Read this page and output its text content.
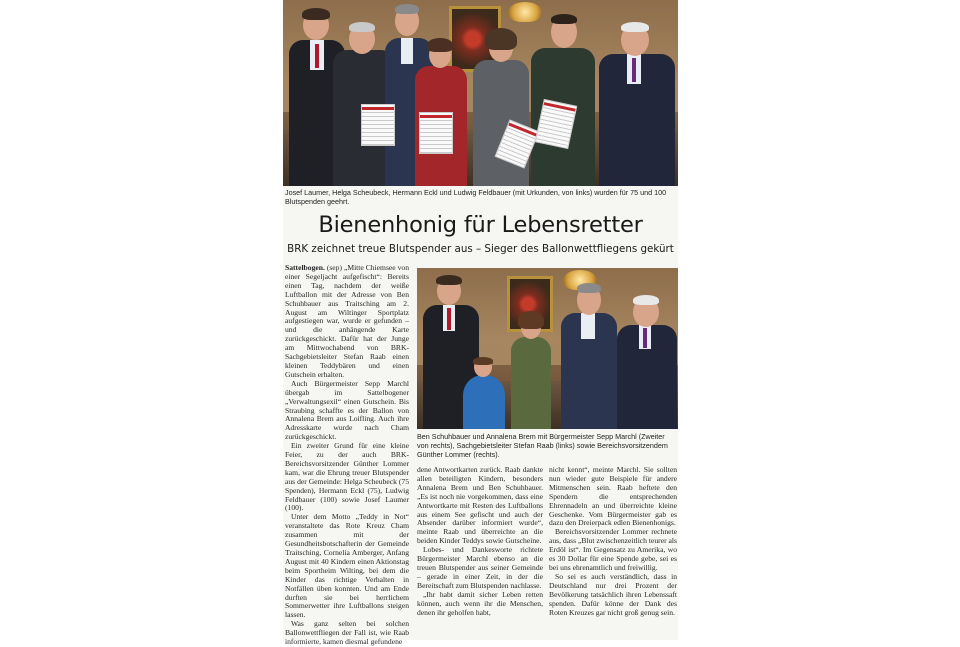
Josef Laumer, Helga Scheubeck, Hermann Eckl und Ludwig Feldbauer (mit Urkunden, von links) wurden für 75 und 100 Blutspenden geehrt.
Bienenhonig für Lebensretter
BRK zeichnet treue Blutspender aus – Sieger des Ballonwettfliegens gekürt

Sattelbogen. (sep) „Mitte Chiemsee von einer Segeljacht aufgefischt“: Bereits einen Tag, nachdem der weiße Luftballon mit der Adresse von Ben Schuhbauer aus Traitsching am 2. August am Wiltinger Sportplatz aufgestiegen war, wurde er gefunden – und die anhängende Karte zurückgeschickt. Dafür hat der Junge am Mittwochabend von BRK-Sachgebietsleiter Stefan Raab einen kleinen Teddybären und einen Gutschein erhalten.

Auch Bürgermeister Sepp Marchl übergab im Sattelbogener „Verwaltungsexil“ einen Gutschein. Bis Straubing schaffte es der Ballon von Annalena Brem aus Loifling. Auch ihre Adresskarte wurde nach Cham zurückgeschickt.

Ein zweiter Grund für eine kleine Feier, zu der auch BRK-Bereichsvorsitzender Günther Lommer kam, war die Ehrung treuer Blutspender aus der Gemeinde: Helga Scheubeck (75 Spenden), Hermann Eckl (75), Ludwig Feldbauer (100) sowie Josef Laumer (100).

Unter dem Motto „Teddy in Not“ veranstaltete das Rote Kreuz Cham zusammen mit der Gesundheitsbotschafterin der Gemeinde Traitsching, Cornelia Amberger, Anfang August mit 40 Kindern einen Aktionstag beim Sportheim Wilting, bei dem die Kinder das richtige Verhalten in Notfällen üben konnten. Und am Ende durften sie bei herrlichem Sommerwetter ihre Luftballons steigen lassen.

Was ganz selten bei solchen Ballonwettfliegen der Fall ist, wie Raab informierte, kamen diesmal gefundene

Ben Schuhbauer und Annalena Brem mit Bürgermeister Sepp Marchl (Zweiter von rechts), Sachgebietsleiter Stefan Raab (links) sowie Bereichsvorsitzendem Günther Lommer (rechts).

dene Antwortkarten zurück. Raab dankte allen beteiligten Kindern, besonders Annalena Brem und Ben Schuhbauer. „Es ist noch nie vorgekommen, dass eine Antwortkarte mit Resten des Luftballons aus einem See gefischt und auch der Absender darüber informiert wurde“, meinte Raab und überreichte an die beiden Kinder Teddys sowie Gutscheine.

Lobes- und Dankesworte richtete Bürgermeister Marchl ebenso an die treuen Blutspender aus seiner Gemeinde – gerade in einer Zeit, in der die Bereitschaft zum Blutspenden nachlasse.

„Ihr habt damit sicher Leben retten können, auch wenn ihr die Menschen, denen ihr geholfen habt,

nicht kennt“, meinte Marchl. Sie sollten nun wieder gute Beispiele für andere Mitmenschen sein. Raab heftete den Spendern die entsprechenden Ehrennadeln an und überreichte kleine Geschenke. Vom Bürgermeister gab es dazu den Dreierpack edlen Bienenhonigs.

Bereichsvorsitzender Lommer rechnete aus, dass „Blut zwischenzeitlich teurer als Erdöl ist“. Im Gegensatz zu Amerika, wo es 30 Dollar für eine Spende gebe, sei es bei uns ehrenamtlich und freiwillig.

So sei es auch verständlich, dass in Deutschland nur drei Prozent der Bevölkerung tatsächlich ihren Lebenssaft spenden. Dafür könne der Dank des Roten Kreuzes gar nicht groß genug sein.
